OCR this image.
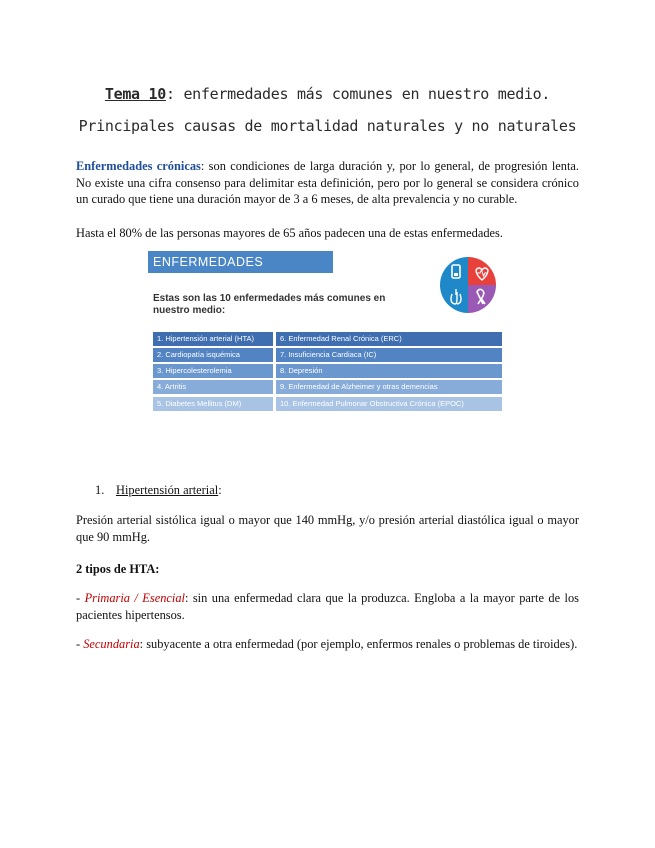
Tema 10: enfermedades más comunes en nuestro medio. Principales causas de mortalidad naturales y no naturales
Enfermedades crónicas: son condiciones de larga duración y, por lo general, de progresión lenta. No existe una cifra consenso para delimitar esta definición, pero por lo general se considera crónico un curado que tiene una duración mayor de 3 a 6 meses, de alta prevalencia y no curable.
Hasta el 80% de las personas mayores de 65 años padecen una de estas enfermedades.
ENFERMEDADES CRÓNICAS
Estas son las 10 enfermedades más comunes en nuestro medio:
1. Hipertensión arterial (HTA)
2. Cardiopatía isquémica
3. Hipercolesterolemia
4. Artritis
5. Diabetes Mellitus (DM)
6. Enfermedad Renal Crónica (ERC)
7. Insuficiencia Cardiaca (IC)
8. Depresión
9. Enfermedad de Alzheimer y otras demencias
10. Enfermedad Pulmonar Obstructiva Crónica (EPOC)
1. Hipertensión arterial:
Presión arterial sistólica igual o mayor que 140 mmHg, y/o presión arterial diastólica igual o mayor que 90 mmHg.
2 tipos de HTA:
- Primaria / Esencial: sin una enfermedad clara que la produzca. Engloba a la mayor parte de los pacientes hipertensos.
- Secundaria: subyacente a otra enfermedad (por ejemplo, enfermos renales o problemas de tiroides).
